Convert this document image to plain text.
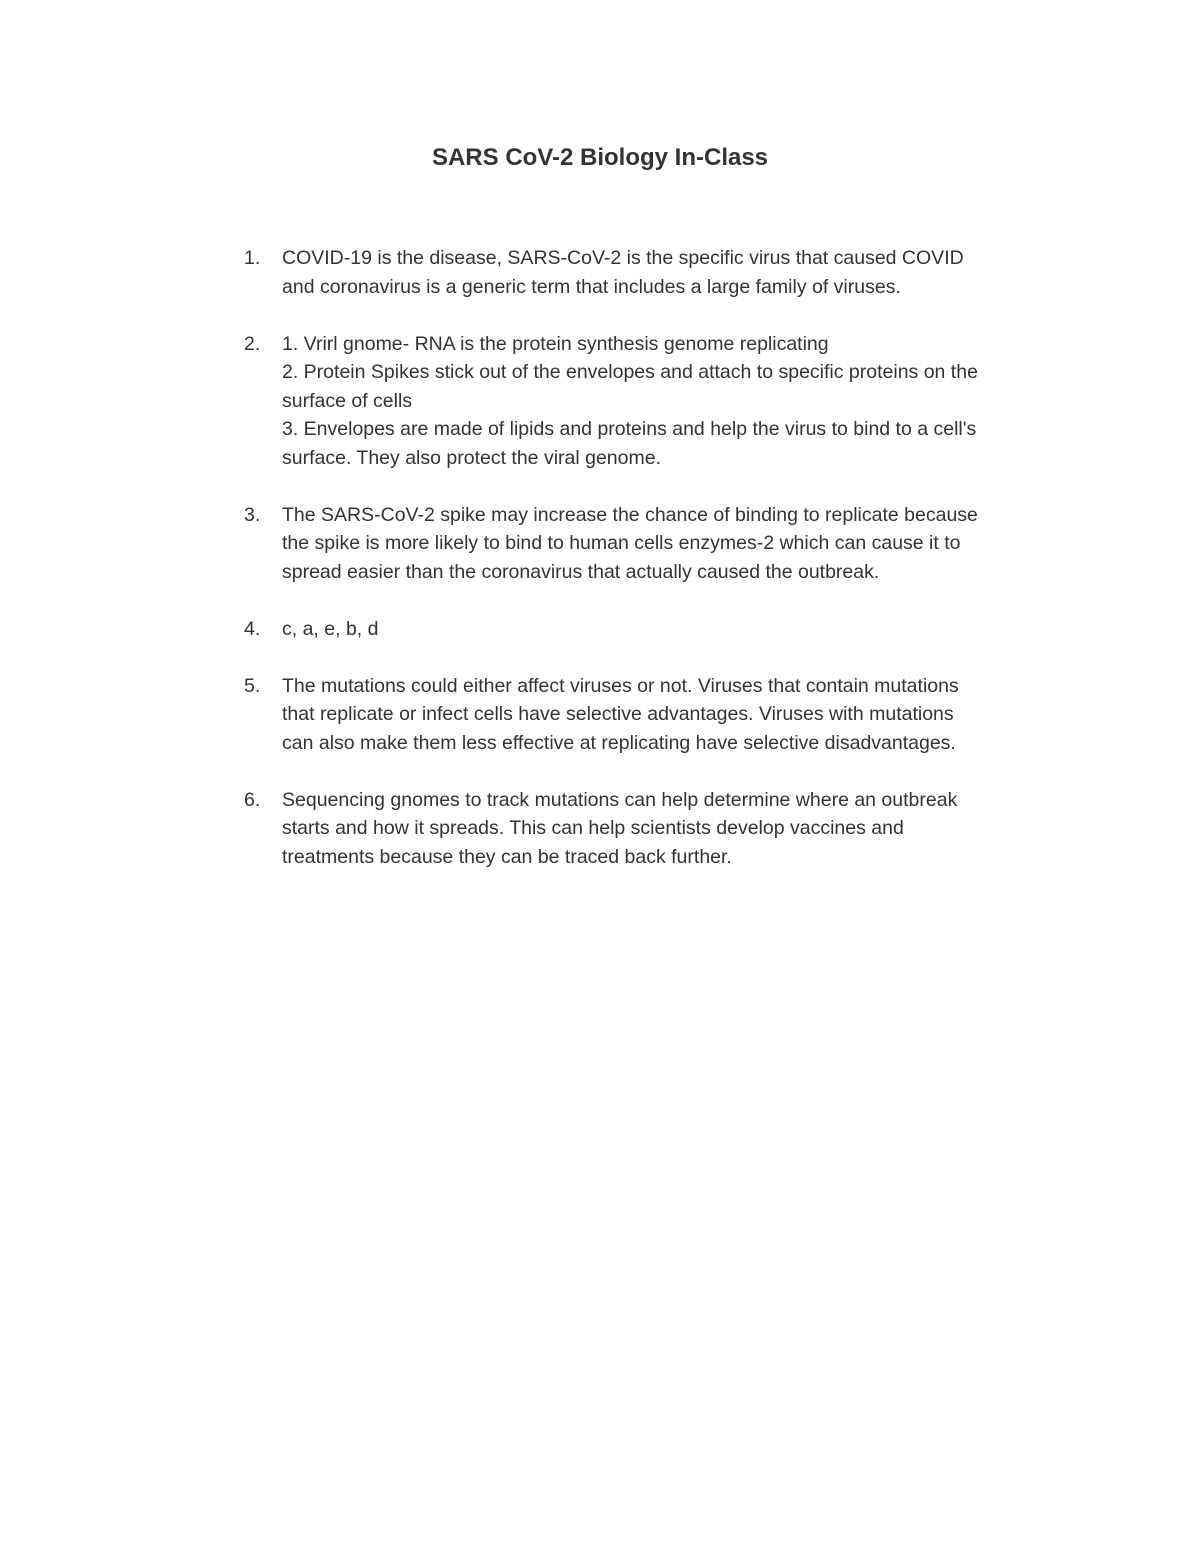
SARS CoV-2 Biology In-Class
1.	COVID-19 is the disease, SARS-CoV-2 is the specific virus that caused COVID
and coronavirus is a generic term that includes a large family of viruses.
2.	1. Vrirl gnome- RNA is the protein synthesis genome replicating
2. Protein Spikes stick out of the envelopes and attach to specific proteins on the
surface of cells
3. Envelopes are made of lipids and proteins and help the virus to bind to a cell's
surface. They also protect the viral genome.
3.	The SARS-CoV-2 spike may increase the chance of binding to replicate because
the spike is more likely to bind to human cells enzymes-2 which can cause it to
spread easier than the coronavirus that actually caused the outbreak.
4.	c, a, e, b, d
5.	The mutations could either affect viruses or not. Viruses that contain mutations
that replicate or infect cells have selective advantages. Viruses with mutations
can also make them less effective at replicating have selective disadvantages.
6.	Sequencing gnomes to track mutations can help determine where an outbreak
starts and how it spreads. This can help scientists develop vaccines and
treatments because they can be traced back further.
